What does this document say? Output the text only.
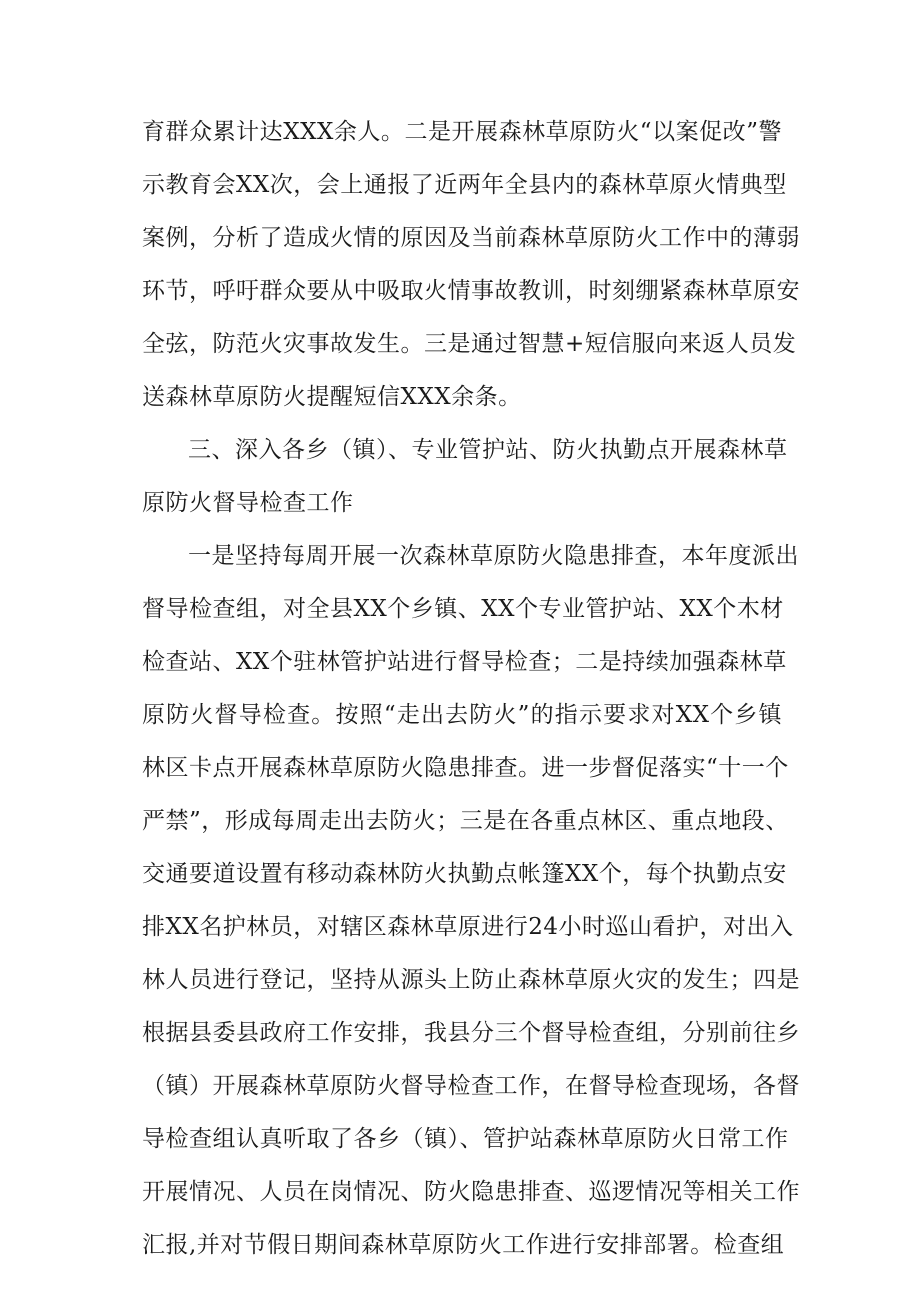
育群众累计达XXX余人。二是开展森林草原防火“以案促改”警
示教育会XX次，会上通报了近两年全县内的森林草原火情典型
案例，分析了造成火情的原因及当前森林草原防火工作中的薄弱
环节，呼吁群众要从中吸取火情事故教训，时刻绷紧森林草原安
全弦，防范火灾事故发生。三是通过智慧+短信服向来返人员发
送森林草原防火提醒短信XXX余条。
三、深入各乡（镇）、专业管护站、防火执勤点开展森林草
原防火督导检查工作
一是坚持每周开展一次森林草原防火隐患排查，本年度派出
督导检查组，对全县XX个乡镇、XX个专业管护站、XX个木材
检查站、XX个驻林管护站进行督导检查；二是持续加强森林草
原防火督导检查。按照“走出去防火”的指示要求对XX个乡镇
林区卡点开展森林草原防火隐患排查。进一步督促落实“十一个
严禁”，形成每周走出去防火；三是在各重点林区、重点地段、
交通要道设置有移动森林防火执勤点帐篷XX个，每个执勤点安
排XX名护林员，对辖区森林草原进行24小时巡山看护，对出入
林人员进行登记，坚持从源头上防止森林草原火灾的发生；四是
根据县委县政府工作安排，我县分三个督导检查组，分别前往乡
（镇）开展森林草原防火督导检查工作，在督导检查现场，各督
导检查组认真听取了各乡（镇）、管护站森林草原防火日常工作
开展情况、人员在岗情况、防火隐患排查、巡逻情况等相关工作
汇报,并对节假日期间森林草原防火工作进行安排部署。检查组
